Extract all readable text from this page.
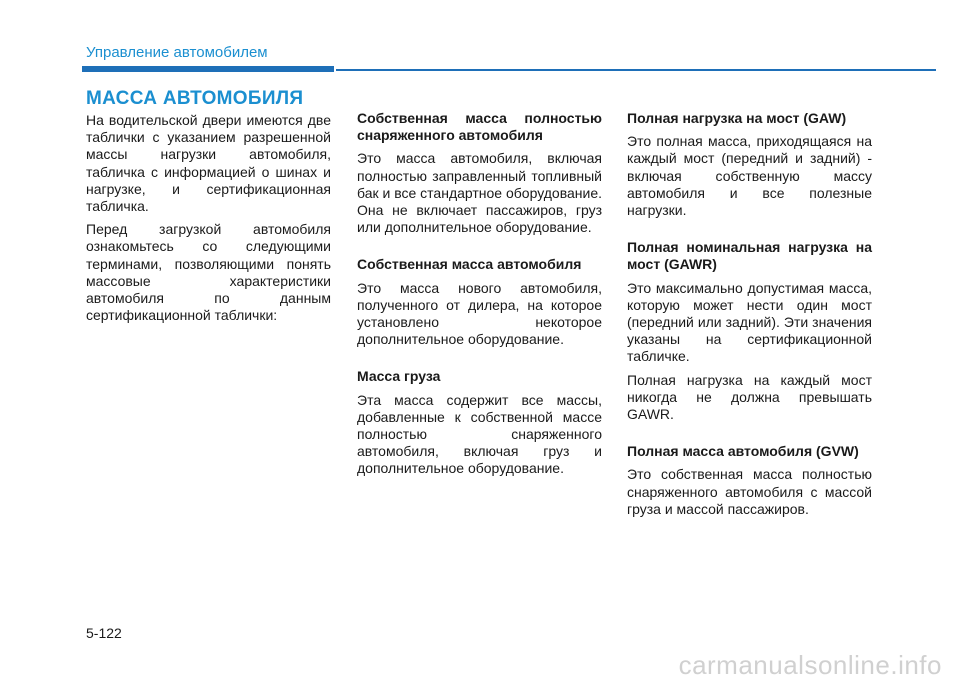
Управление автомобилем
МАССА АВТОМОБИЛЯ

На водительской двери имеются две таблички с указанием разрешенной массы нагрузки автомобиля, табличка с информацией о шинах и нагрузке, и сертификационная табличка.

Перед загрузкой автомобиля ознакомьтесь со следующими терминами, позволяющими понять массовые характеристики автомобиля по данным сертификационной таблички:

Собственная масса полностью снаряженного автомобиля

Это масса автомобиля, включая полностью заправленный топливный бак и все стандартное оборудование. Она не включает пассажиров, груз или дополнительное оборудование.

Собственная масса автомобиля

Это масса нового автомобиля, полученного от дилера, на которое установлено некоторое дополнительное оборудование.

Масса груза

Эта масса содержит все массы, добавленные к собственной массе полностью снаряженного автомобиля, включая груз и дополнительное оборудование.

Полная нагрузка на мост (GAW)

Это полная масса, приходящаяся на каждый мост (передний и задний) - включая собственную массу автомобиля и все полезные нагрузки.

Полная номинальная нагрузка на мост (GAWR)

Это максимально допустимая масса, которую может нести один мост (передний или задний). Эти значения указаны на сертификационной табличке.

Полная нагрузка на каждый мост никогда не должна превышать GAWR.

Полная масса автомобиля (GVW)

Это собственная масса полностью снаряженного автомобиля с массой груза и массой пассажиров.

5-122
carmanualsonline.info
